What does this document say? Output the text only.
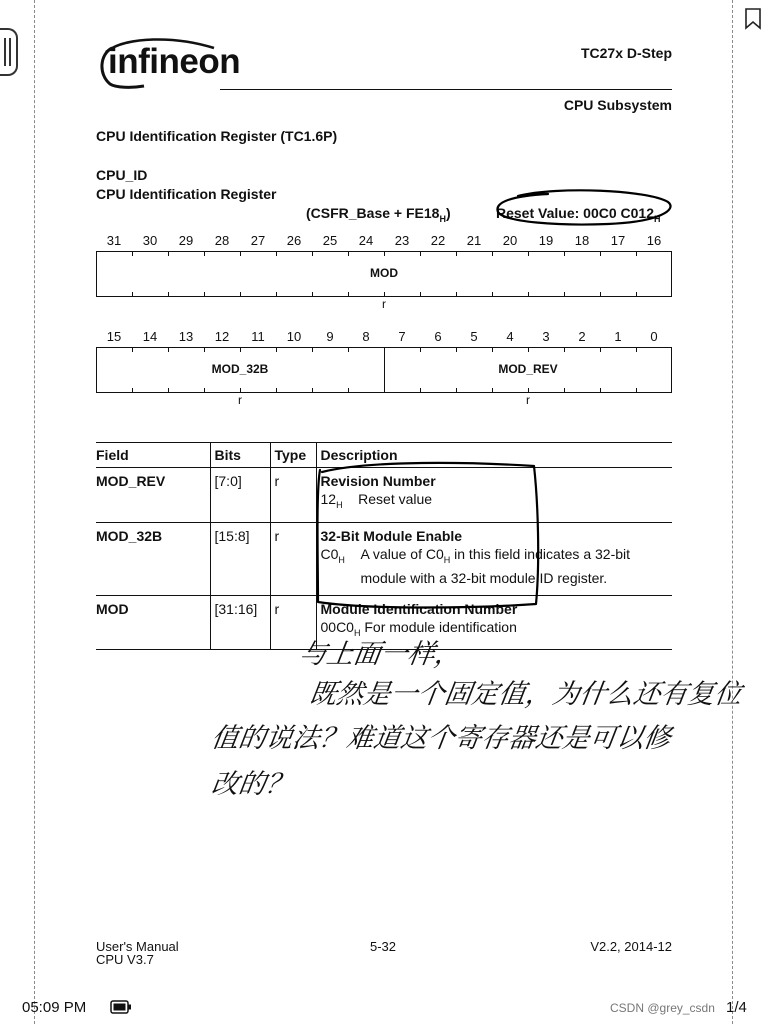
infineon	TC27x D-Step
CPU Subsystem
CPU Identification Register (TC1.6P)
CPU_ID
CPU Identification Register
(CSFR_Base + $FE18_H$)	Reset Value: 00C0 $C012_H$
31	30	29	28	27	26	25	24	23	22	21	20	19	18	17	16
MOD
r
15	14	13	12	11	10	9	8	7	6	5	4	3	2	1	0
MOD_32B	MOD_REV
r	r
Field	Bits	Type	Description
MOD_REV	[7:0]	r	Revision Number
$12_H$ Reset value

MOD_32B	[15:8]	r	32-Bit Module Enable
$C0_H$ A value of $C0_H$ in this field indicates a 32-bit
module with a 32-bit module ID register.

MOD	[31:16]	r	Module Identification Number
$00C0_H$ For module identification
与上面一样，
既然是一个固定值，为什么还有复位
值的说法？难道这个寄存器还是可以修
改的？
User's Manual
CPU V3.7
5-32	V2.2, 2014-12
05:09 PM	CSDN @grey_csdn 1/4
